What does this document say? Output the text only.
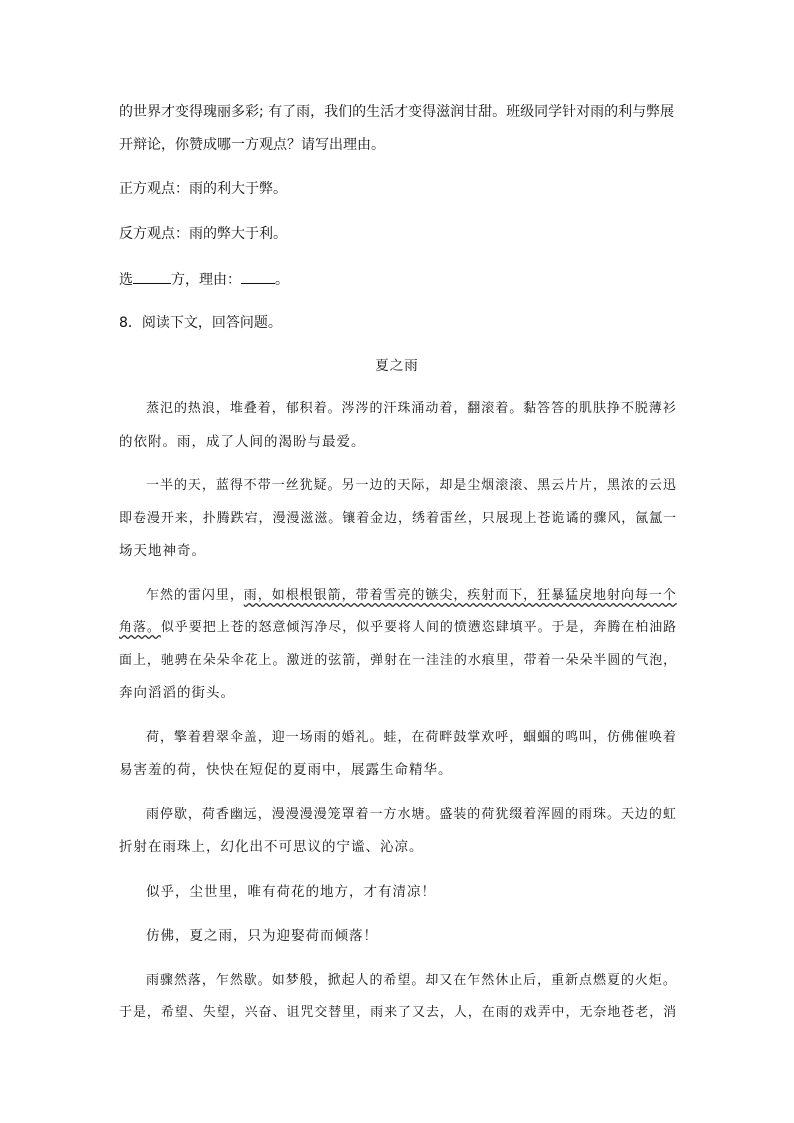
的世界才变得瑰丽多彩; 有了雨，我们的生活才变得滋润甘甜。班级同学针对雨的利与弊展
开辩论，你赞成哪一方观点？请写出理由。
正方观点：雨的利大于弊。
反方观点：雨的弊大于利。
选	方，理由： 。
8．阅读下文，回答问题。
夏之雨
蒸氾的热浪，堆叠着，郁积着。涔涔的汗珠涌动着，翻滚着。黏答答的肌肤挣不脱薄衫
的依附。雨，成了人间的渴盼与最爱。
一半的天，蓝得不带一丝犹疑。另一边的天际，却是尘烟滚滚、黑云片片，黑浓的云迅
即卷漫开来，扑腾跌宕，漫漫滋滋。镶着金边，绣着雷丝，只展现上苍诡谲的骤风，氤氲一
场天地神奇。
乍然的雷闪里，雨，如根根银箭，带着雪亮的镞尖，疾射而下，狂暴猛戾地射向每一个
角落。似乎要把上苍的怒意倾泻净尽，似乎要将人间的愤懑恣肆填平。于是，奔腾在柏油路
面上，驰骋在朵朵伞花上。激迸的弦箭，弹射在一洼洼的水痕里，带着一朵朵半圆的气泡，
奔向滔滔的街头。
荷，擎着碧翠伞盖，迎一场雨的婚礼。蛙，在荷畔鼓掌欢呼，蝈蝈的鸣叫，仿佛催唤着
易害羞的荷，快快在短促的夏雨中，展露生命精华。
雨停歇，荷香幽远，漫漫漫漫笼罩着一方水塘。盛装的荷犹缀着浑圆的雨珠。天边的虹
折射在雨珠上，幻化出不可思议的宁谧、沁凉。
似乎，尘世里，唯有荷花的地方，才有清凉！
仿佛，夏之雨，只为迎娶荷而倾落！
雨骤然落，乍然歇。如梦般，掀起人的希望。却又在乍然休止后，重新点燃夏的火炬。
于是，希望、失望，兴奋、诅咒交替里，雨来了又去，人，在雨的戏弄中，无奈地苍老，消
